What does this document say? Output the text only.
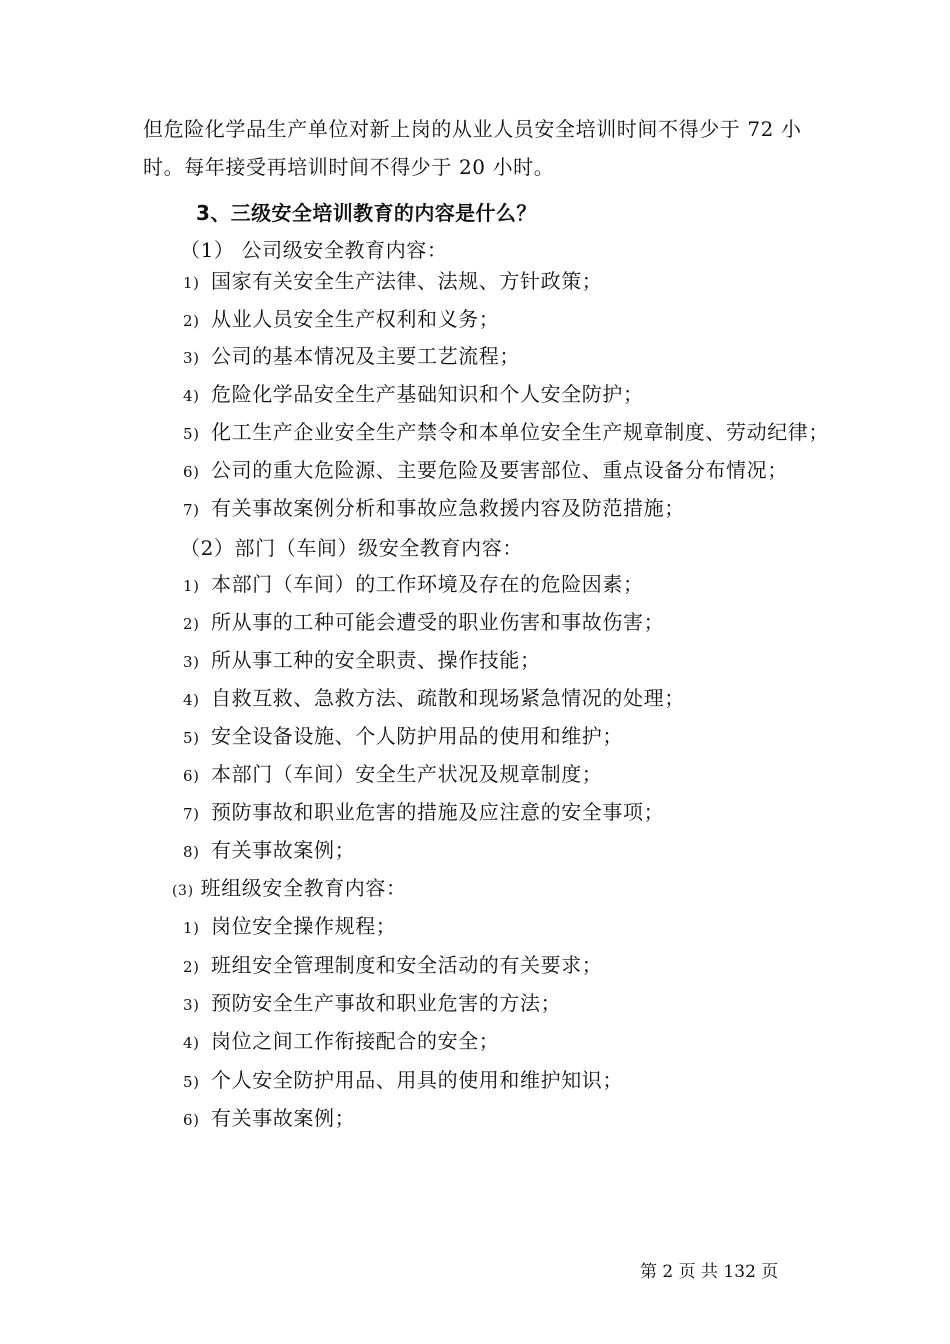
但危险化学品生产单位对新上岗的从业人员安全培训时间不得少于 72 小
时。每年接受再培训时间不得少于 20 小时。
3、三级安全培训教育的内容是什么？
（1） 公司级安全教育内容：
1) 国家有关安全生产法律、法规、方针政策；
2) 从业人员安全生产权利和义务；
3) 公司的基本情况及主要工艺流程；
4) 危险化学品安全生产基础知识和个人安全防护；
5) 化工生产企业安全生产禁令和本单位安全生产规章制度、劳动纪律；
6) 公司的重大危险源、主要危险及要害部位、重点设备分布情况；
7) 有关事故案例分析和事故应急救援内容及防范措施；
（2）部门（车间）级安全教育内容：
1) 本部门（车间）的工作环境及存在的危险因素；
2) 所从事的工种可能会遭受的职业伤害和事故伤害；
3) 所从事工种的安全职责、操作技能；
4) 自救互救、急救方法、疏散和现场紧急情况的处理；
5) 安全设备设施、个人防护用品的使用和维护；
6) 本部门（车间）安全生产状况及规章制度；
7) 预防事故和职业危害的措施及应注意的安全事项；
8) 有关事故案例；
(3) 班组级安全教育内容：
1) 岗位安全操作规程；
2) 班组安全管理制度和安全活动的有关要求；
3) 预防安全生产事故和职业危害的方法；
4) 岗位之间工作衔接配合的安全；
5) 个人安全防护用品、用具的使用和维护知识；
6) 有关事故案例；
第 2 页 共 132 页
